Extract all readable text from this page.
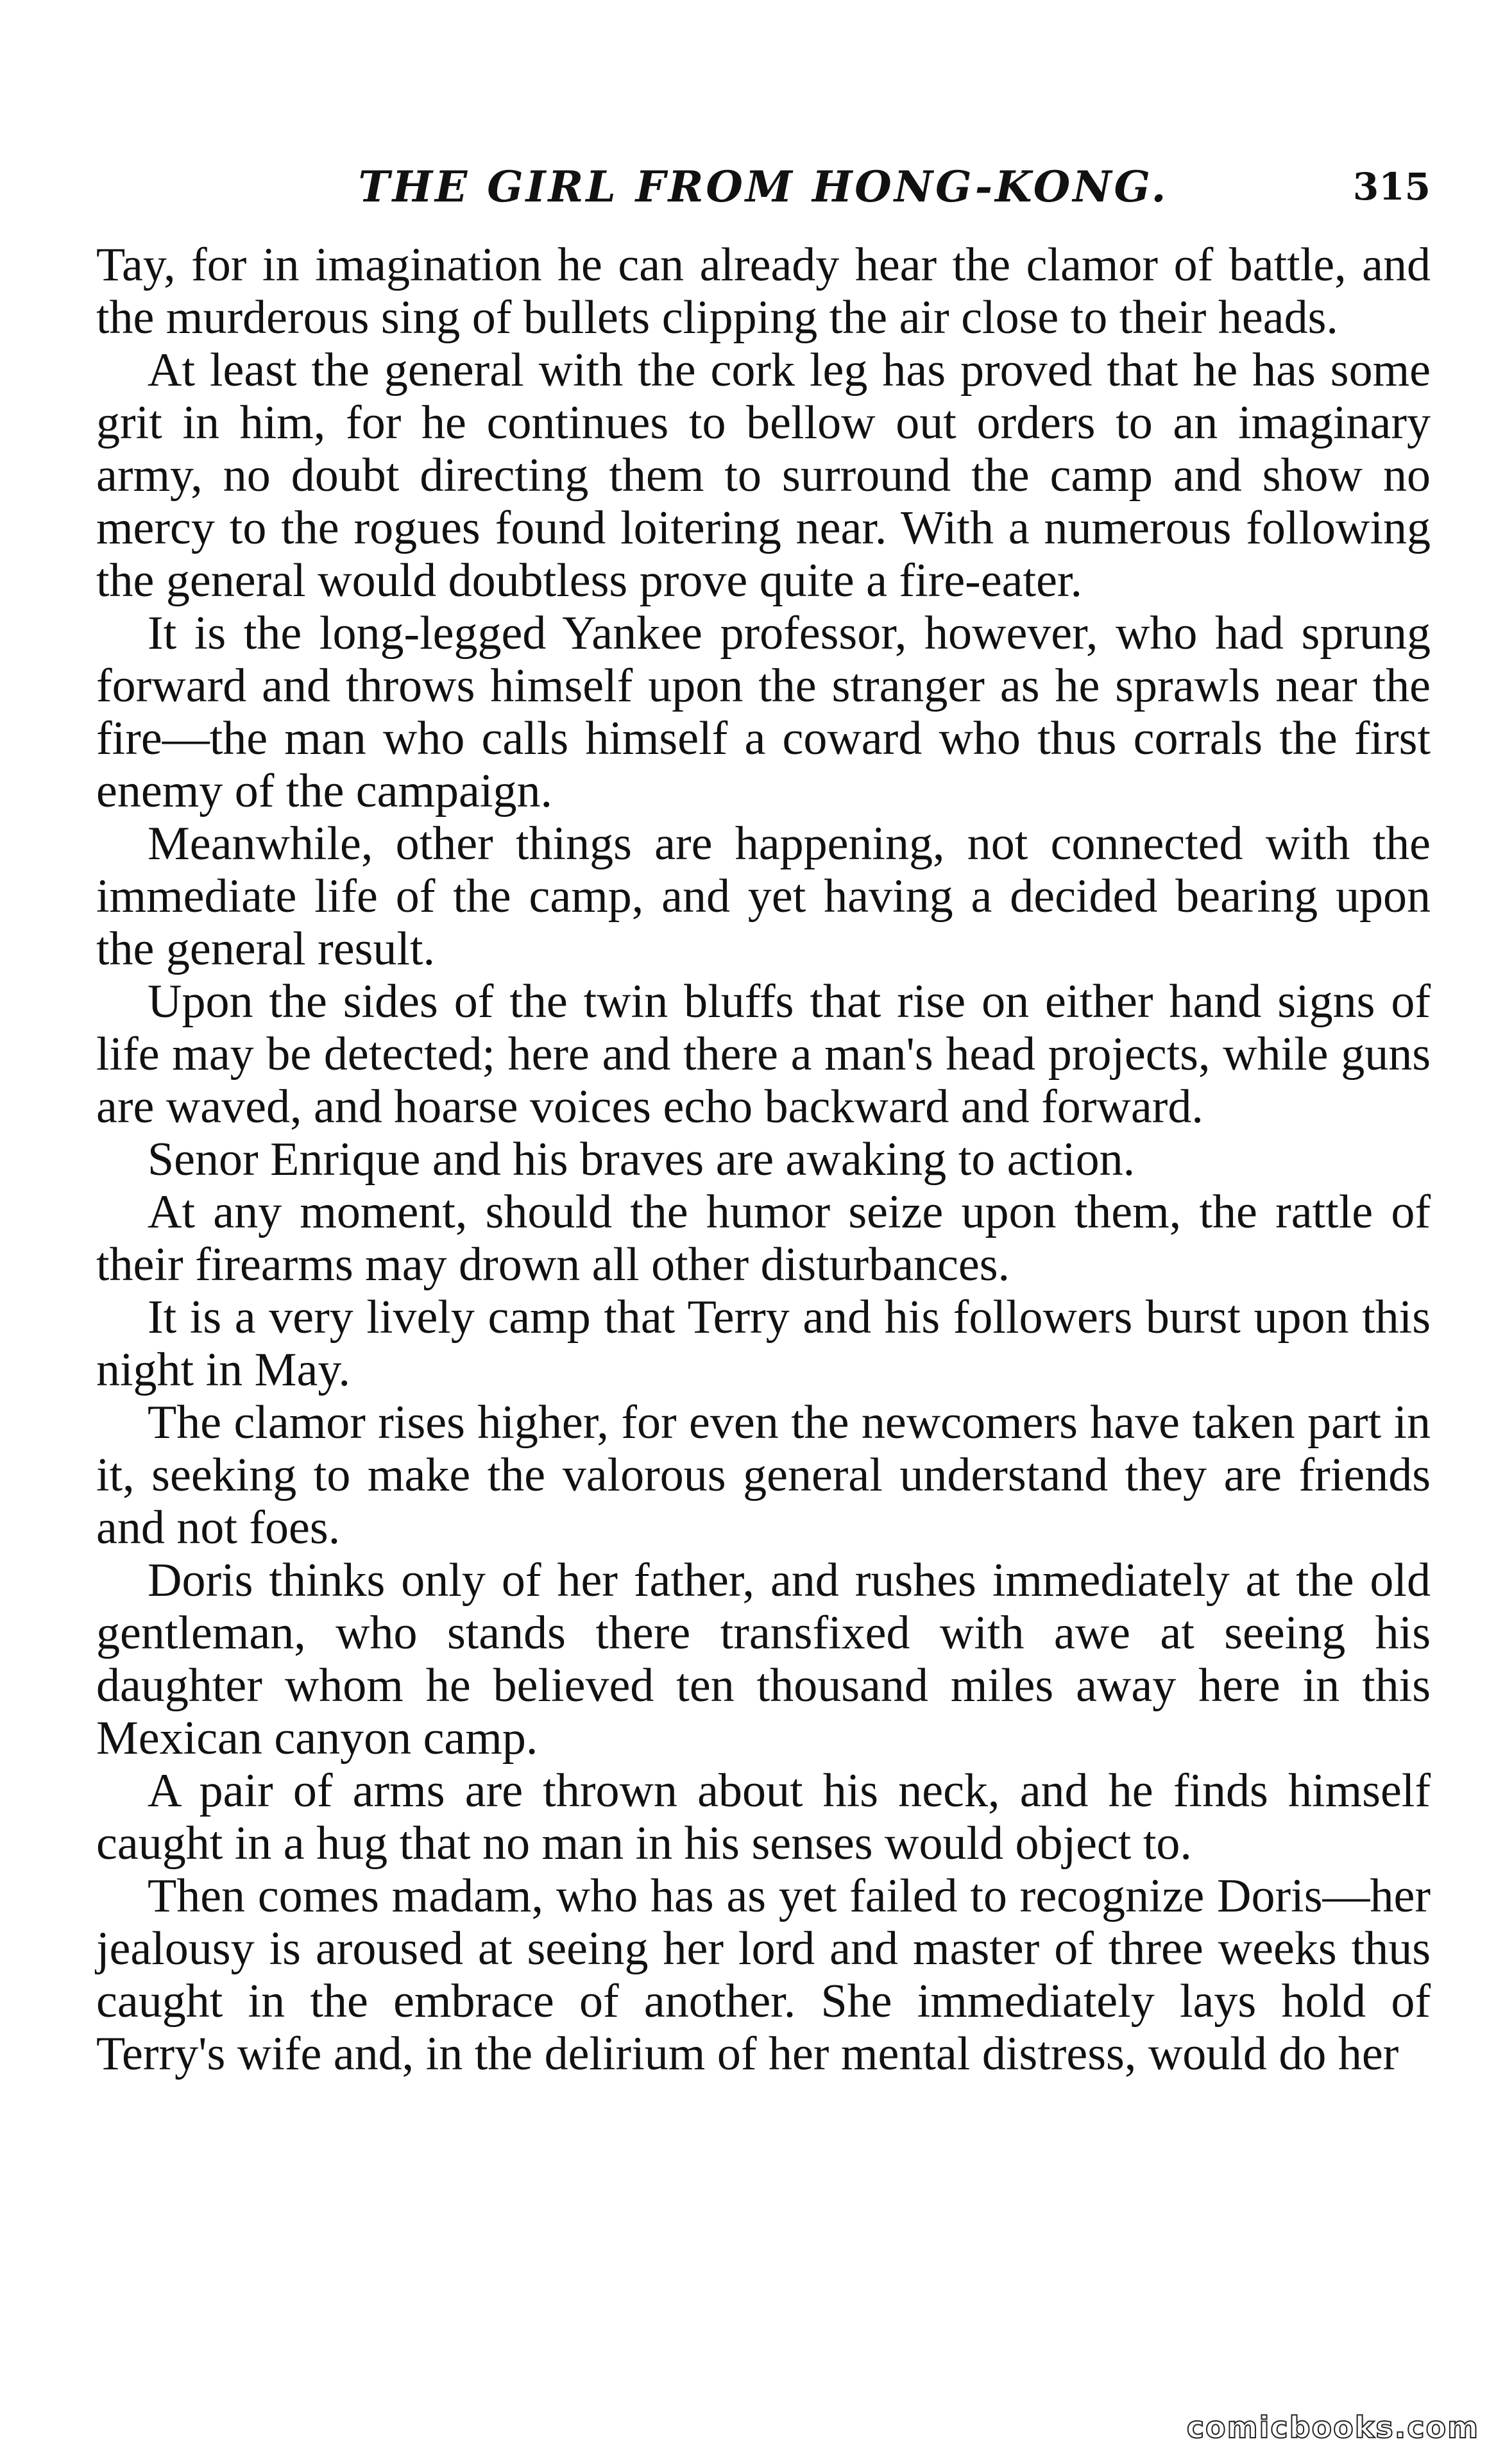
THE GIRL FROM HONG-KONG.	315

Tay, for in imagination he can already hear the clamor of battle, and the murderous sing of bullets clipping the air close to their heads.

At least the general with the cork leg has proved that he has some grit in him, for he continues to bellow out orders to an imaginary army, no doubt directing them to surround the camp and show no mercy to the rogues found loitering near. With a numerous following the general would doubtless prove quite a fire-eater.

It is the long-legged Yankee professor, however, who had sprung forward and throws himself upon the stranger as he sprawls near the fire—the man who calls himself a coward who thus corrals the first enemy of the campaign.

Meanwhile, other things are happening, not connected with the immediate life of the camp, and yet having a decided bearing upon the general result.

Upon the sides of the twin bluffs that rise on either hand signs of life may be detected; here and there a man's head projects, while guns are waved, and hoarse voices echo backward and forward.

Senor Enrique and his braves are awaking to action.

At any moment, should the humor seize upon them, the rattle of their firearms may drown all other disturbances.

It is a very lively camp that Terry and his followers burst upon this night in May.

The clamor rises higher, for even the newcomers have taken part in it, seeking to make the valorous general understand they are friends and not foes.

Doris thinks only of her father, and rushes immediately at the old gentleman, who stands there transfixed with awe at seeing his daughter whom he believed ten thousand miles away here in this Mexican canyon camp.

A pair of arms are thrown about his neck, and he finds himself caught in a hug that no man in his senses would object to.

Then comes madam, who has as yet failed to recognize Doris—her jealousy is aroused at seeing her lord and master of three weeks thus caught in the embrace of another. She immediately lays hold of Terry's wife and, in the delirium of her mental distress, would do her

comicbooks.com
